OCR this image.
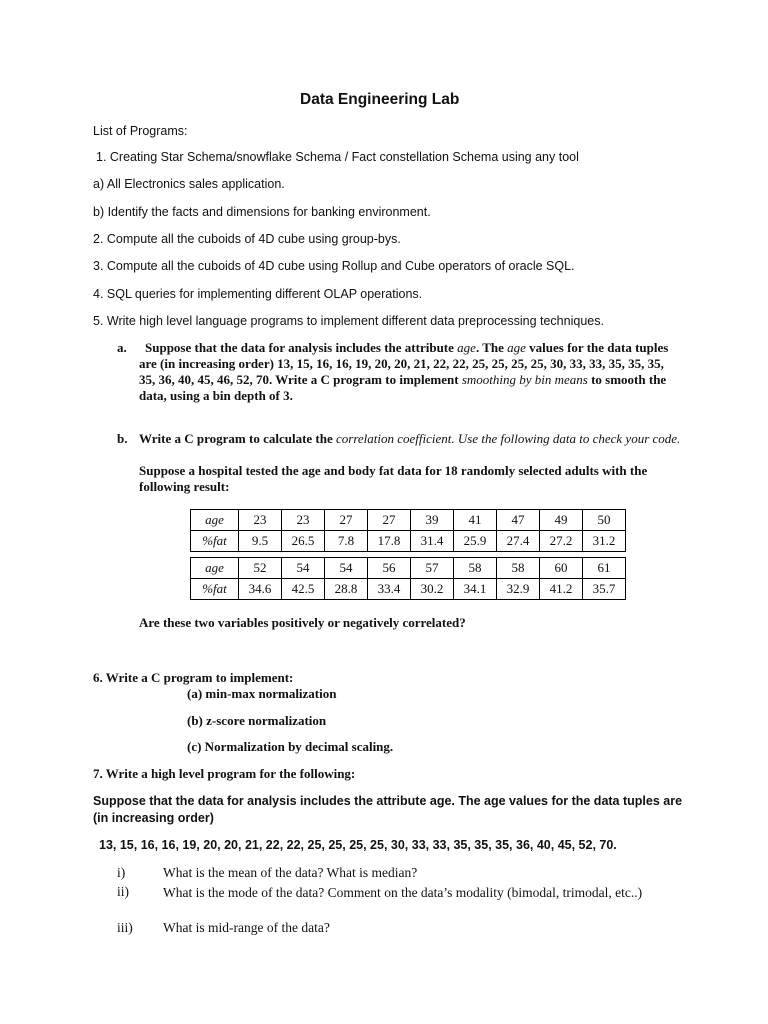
Data Engineering Lab
List of Programs:
1. Creating Star Schema/snowflake Schema / Fact constellation Schema using any tool
a) All Electronics sales application.
b) Identify the facts and dimensions for banking environment.
2. Compute all the cuboids of 4D cube using group-bys.
3. Compute all the cuboids of 4D cube using Rollup and Cube operators of oracle SQL.
4. SQL queries for implementing different OLAP operations.
5. Write high level language programs to implement different data preprocessing techniques.
a.	Suppose that the data for analysis includes the attribute age. The age values for the data tuples are (in increasing order) 13, 15, 16, 16, 19, 20, 20, 21, 22, 22, 25, 25, 25, 25, 30, 33, 33, 35, 35, 35, 35, 36, 40, 45, 46, 52, 70. Write a C program to implement smoothing by bin means to smooth the data, using a bin depth of 3.
b. Write a C program to calculate the correlation coefficient. Use the following data to check your code.
Suppose a hospital tested the age and body fat data for 18 randomly selected adults with the following result:
age	23	23	27	27	39	41	47	49	50
%fat	9.5	26.5	7.8	17.8	31.4	25.9	27.4	27.2	31.2
age	52	54	54	56	57	58	58	60	61
%fat	34.6	42.5	28.8	33.4	30.2	34.1	32.9	41.2	35.7
Are these two variables positively or negatively correlated?
6. Write a C program to implement:
(a) min-max normalization
(b) z-score normalization
(c) Normalization by decimal scaling.
7. Write a high level program for the following:
Suppose that the data for analysis includes the attribute age. The age values for the data tuples are (in increasing order)
13, 15, 16, 16, 19, 20, 20, 21, 22, 22, 25, 25, 25, 25, 30, 33, 33, 35, 35, 35, 36, 40, 45, 52, 70.
i)	What is the mean of the data? What is median?
ii)	What is the mode of the data? Comment on the data’s modality (bimodal, trimodal, etc..)
iii) What is mid-range of the data?
